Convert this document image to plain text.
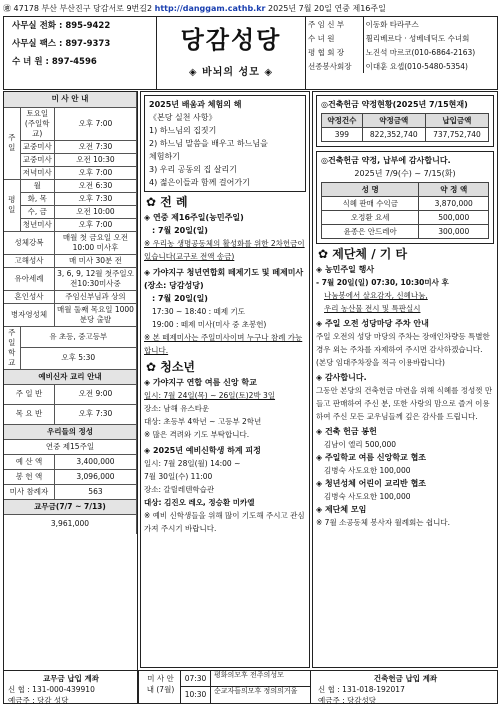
㊜ 47178 부산 부산진구 당감서로 9번길2 http://danggam.cathb.kr 2025년 7월 20일 연중 제16주일
사무실 전화 : 895-9422
사무실 팩스 : 897-9373
수 녀 원 : 897-4596
당감성당
◈ 바뇌의 성모 ◈
주 임 신 부	이동화 타라쿠스
수 녀 원	휠리베르다 · 성베네딕도 수녀회
평 협 회 장	노진석 마르코(010-6864-2163)
선종봉사회장	이대훈 요셉(010-5480-5354)
미 사 안 내		
주
일	토요일(주일학교)	오후 7:00
	교중미사	오전 7:30
	교중미사	오전 10:30
	저녁미사	오후 7:00
평
일	월	오전 6:30
	화, 목	오후 7:30
	수, 금	오전 10:00
	청년미사	오후 7:00
성체강복		매월 첫 금요일 오전 10:00 미사후
고해성사		매 미사 30분 전
유아세례		3, 6, 9, 12월 첫주일오전10:30미사중
혼인성사		주임신부님과 상의
병자영성체		매월 둘째 목요일 1000 분당 출발
주
일
학
교	유 초등, 중고등부	
	오후 5:30	
예비신자 교리 안내		
주 일 반		오전 9:00
목 요 반		오후 7:30
우리들의 정성		
연중 제15주일		
예 산 액		3,400,000
봉 헌 액		3,096,000
미사 참례자		563
교무금(7/7 ~ 7/13)		
3,961,000		
2025년 배움과 체험의 해
《본당 실천 사항》
1) 하느님의 집짓기
2) 하느님 말씀을 배우고 하느님을
체험하기
3) 우리 공동의 집 살리기
4) 젊은이들과 함께 걸어가기
✿ 전 례
◈ 연중 제16주일(농민주일)
: 7월 20일(일)
※ 우리농 생명공동체의 활성화를 위한 2차헌금이 있습니다(교구로 전액 송금)
◈ 가야지구 청년연합회 떼제기도 및 떼제미사(장소: 당감성당)
: 7월 20일(일)
17:30 ~ 18:40 : 떼제 기도
19:00 : 떼제 미사(미사 중 초봉헌)
※ 본 떼제미사는 주일미사이며 누구나 참례 가능합니다.
✿ 청소년
◈ 가야지구 연합 여름 신앙 학교
일시: 7월 24일(목) ~ 26일(토)2박 3일
장소: 남해 유스타운
대상: 초등부 4학년 ~ 고등부 2학년
※ 많은 격려와 기도 부탁합니다.
◈ 2025년 예비신학생 하계 피정
일시: 7월 28일(월) 14:00 ~
7월 30일(수) 11:00
장소: 갈릴레텐학습관
대상: 김진오 레오, 정승환 미카엘
※ 예비 신학생들을 위해 많이 기도해 주시고 관심 가져 주시기 바랍니다.
◎건축헌금 약정현황(2025년 7/15현재)
약정건수	약정금액	납입금액
399	822,352,740	737,752,740
◎건축헌금 약정, 납부에 감사합니다.
2025년 7/9(수) ~ 7/15(화)
성 명	약 정 액
식혜 판매 수익금	3,870,000
오정환 요세	500,000
윤종은 안드레아	300,000
✿ 제단체 / 기 타
◈ 농민주일 행사
- 7월 20일(일) 07:30, 10:30미사 후
나눔봉에서 살요감자, 신혜나눔,
우리 농산물 전시 및 특판실시
◈ 주일 오전 성당마당 주차 안내
주일 오전의 성당 마당의 주차는 장애인차량등 특별한 경우 외는 주차를 자제하여 주시면 감사하겠습니다.
(본당 임대주차장을 적극 이용바랍니다)
◈ 감사합니다.
그동안 본당의 건축헌금 마련을 위해 식혜를 정성껏 만들고 판매하여 주신 분, 또한 사랑의 맘으로 즐겨 이용하여 주신 모든 교우님들께 깊은 감사를 드립니다.
◈ 건축 헌금 봉헌
김남이 엘리 500,000
◈ 주일학교 여름 신앙학교 협조
김병숙 사도요한 100,000
◈ 청년성체 어린이 교리반 협조
김병숙 사도요한 100,000
◈ 제단체 모임
※ 7월 소공동체 봉사자 월례회는 쉽니다.
교무금 납입 계좌
신 협 : 131-000-439910
예금주 : 당감 성당
미 사 안 내 (7월)
07:30	평화의모후 전주의성모
10:30	순교자들의모후 정의의거울
건축헌금 납입 계좌
신 협 : 131-018-192017
예금주 : 당감성당
